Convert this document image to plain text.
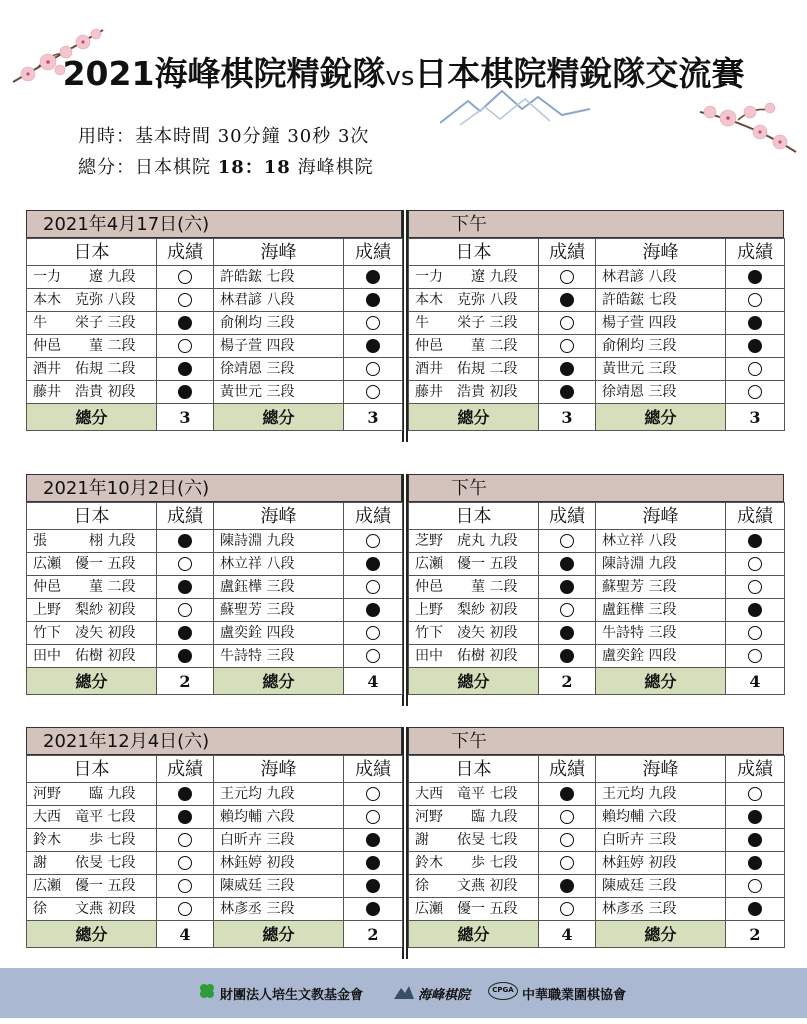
2021海峰棋院精銳隊vs日本棋院精銳隊交流賽
用時：基本時間 30分鐘 30秒 3次
總分：日本棋院 18：18 海峰棋院
2021年4月17日(六)	下午
日本	成績	海峰	成績
一力　　遼 九段		許皓鋐 七段	
本木　克弥 八段		林君諺 八段	
牛　　栄子 三段		俞俐均 三段	
仲邑　　菫 二段		楊子萱 四段	
酒井　佑規 二段		徐靖恩 三段	
藤井　浩貴 初段		黃世元 三段	
總分	3	總分	3
日本	成績	海峰	成績
一力　　遼 九段		林君諺 八段	
本木　克弥 八段		許皓鋐 七段	
牛　　栄子 三段		楊子萱 四段	
仲邑　　菫 二段		俞俐均 三段	
酒井　佑規 二段		黃世元 三段	
藤井　浩貴 初段		徐靖恩 三段	
總分	3	總分	3
2021年10月2日(六)	下午
日本	成績	海峰	成績
張　　　栩 九段		陳詩淵 九段	
広瀬　優一 五段		林立祥 八段	
仲邑　　菫 二段		盧鈺樺 三段	
上野　梨紗 初段		蘇聖芳 三段	
竹下　凌矢 初段		盧奕銓 四段	
田中　佑樹 初段		牛詩特 三段	
總分	2	總分	4
日本	成績	海峰	成績
芝野　虎丸 九段		林立祥 八段	
広瀬　優一 五段		陳詩淵 九段	
仲邑　　菫 二段		蘇聖芳 三段	
上野　梨紗 初段		盧鈺樺 三段	
竹下　凌矢 初段		牛詩特 三段	
田中　佑樹 初段		盧奕銓 四段	
總分	2	總分	4
2021年12月4日(六)	下午
日本	成績	海峰	成績
河野　　臨 九段		王元均 九段	
大西　竜平 七段		賴均輔 六段	
鈴木　　歩 七段		白昕卉 三段	
謝　　依旻 七段		林鈺婷 初段	
広瀬　優一 五段		陳威廷 三段	
徐　　文燕 初段		林彥丞 三段	
總分	4	總分	2
日本	成績	海峰	成績
大西　竜平 七段		王元均 九段	
河野　　臨 九段		賴均輔 六段	
謝　　依旻 七段		白昕卉 三段	
鈴木　　歩 七段		林鈺婷 初段	
徐　　文燕 初段		陳威廷 三段	
広瀬　優一 五段		林彥丞 三段	
總分	4	總分	2
財團法人培生文教基金會	海峰棋院	CPGA 中華職業圍棋協會
